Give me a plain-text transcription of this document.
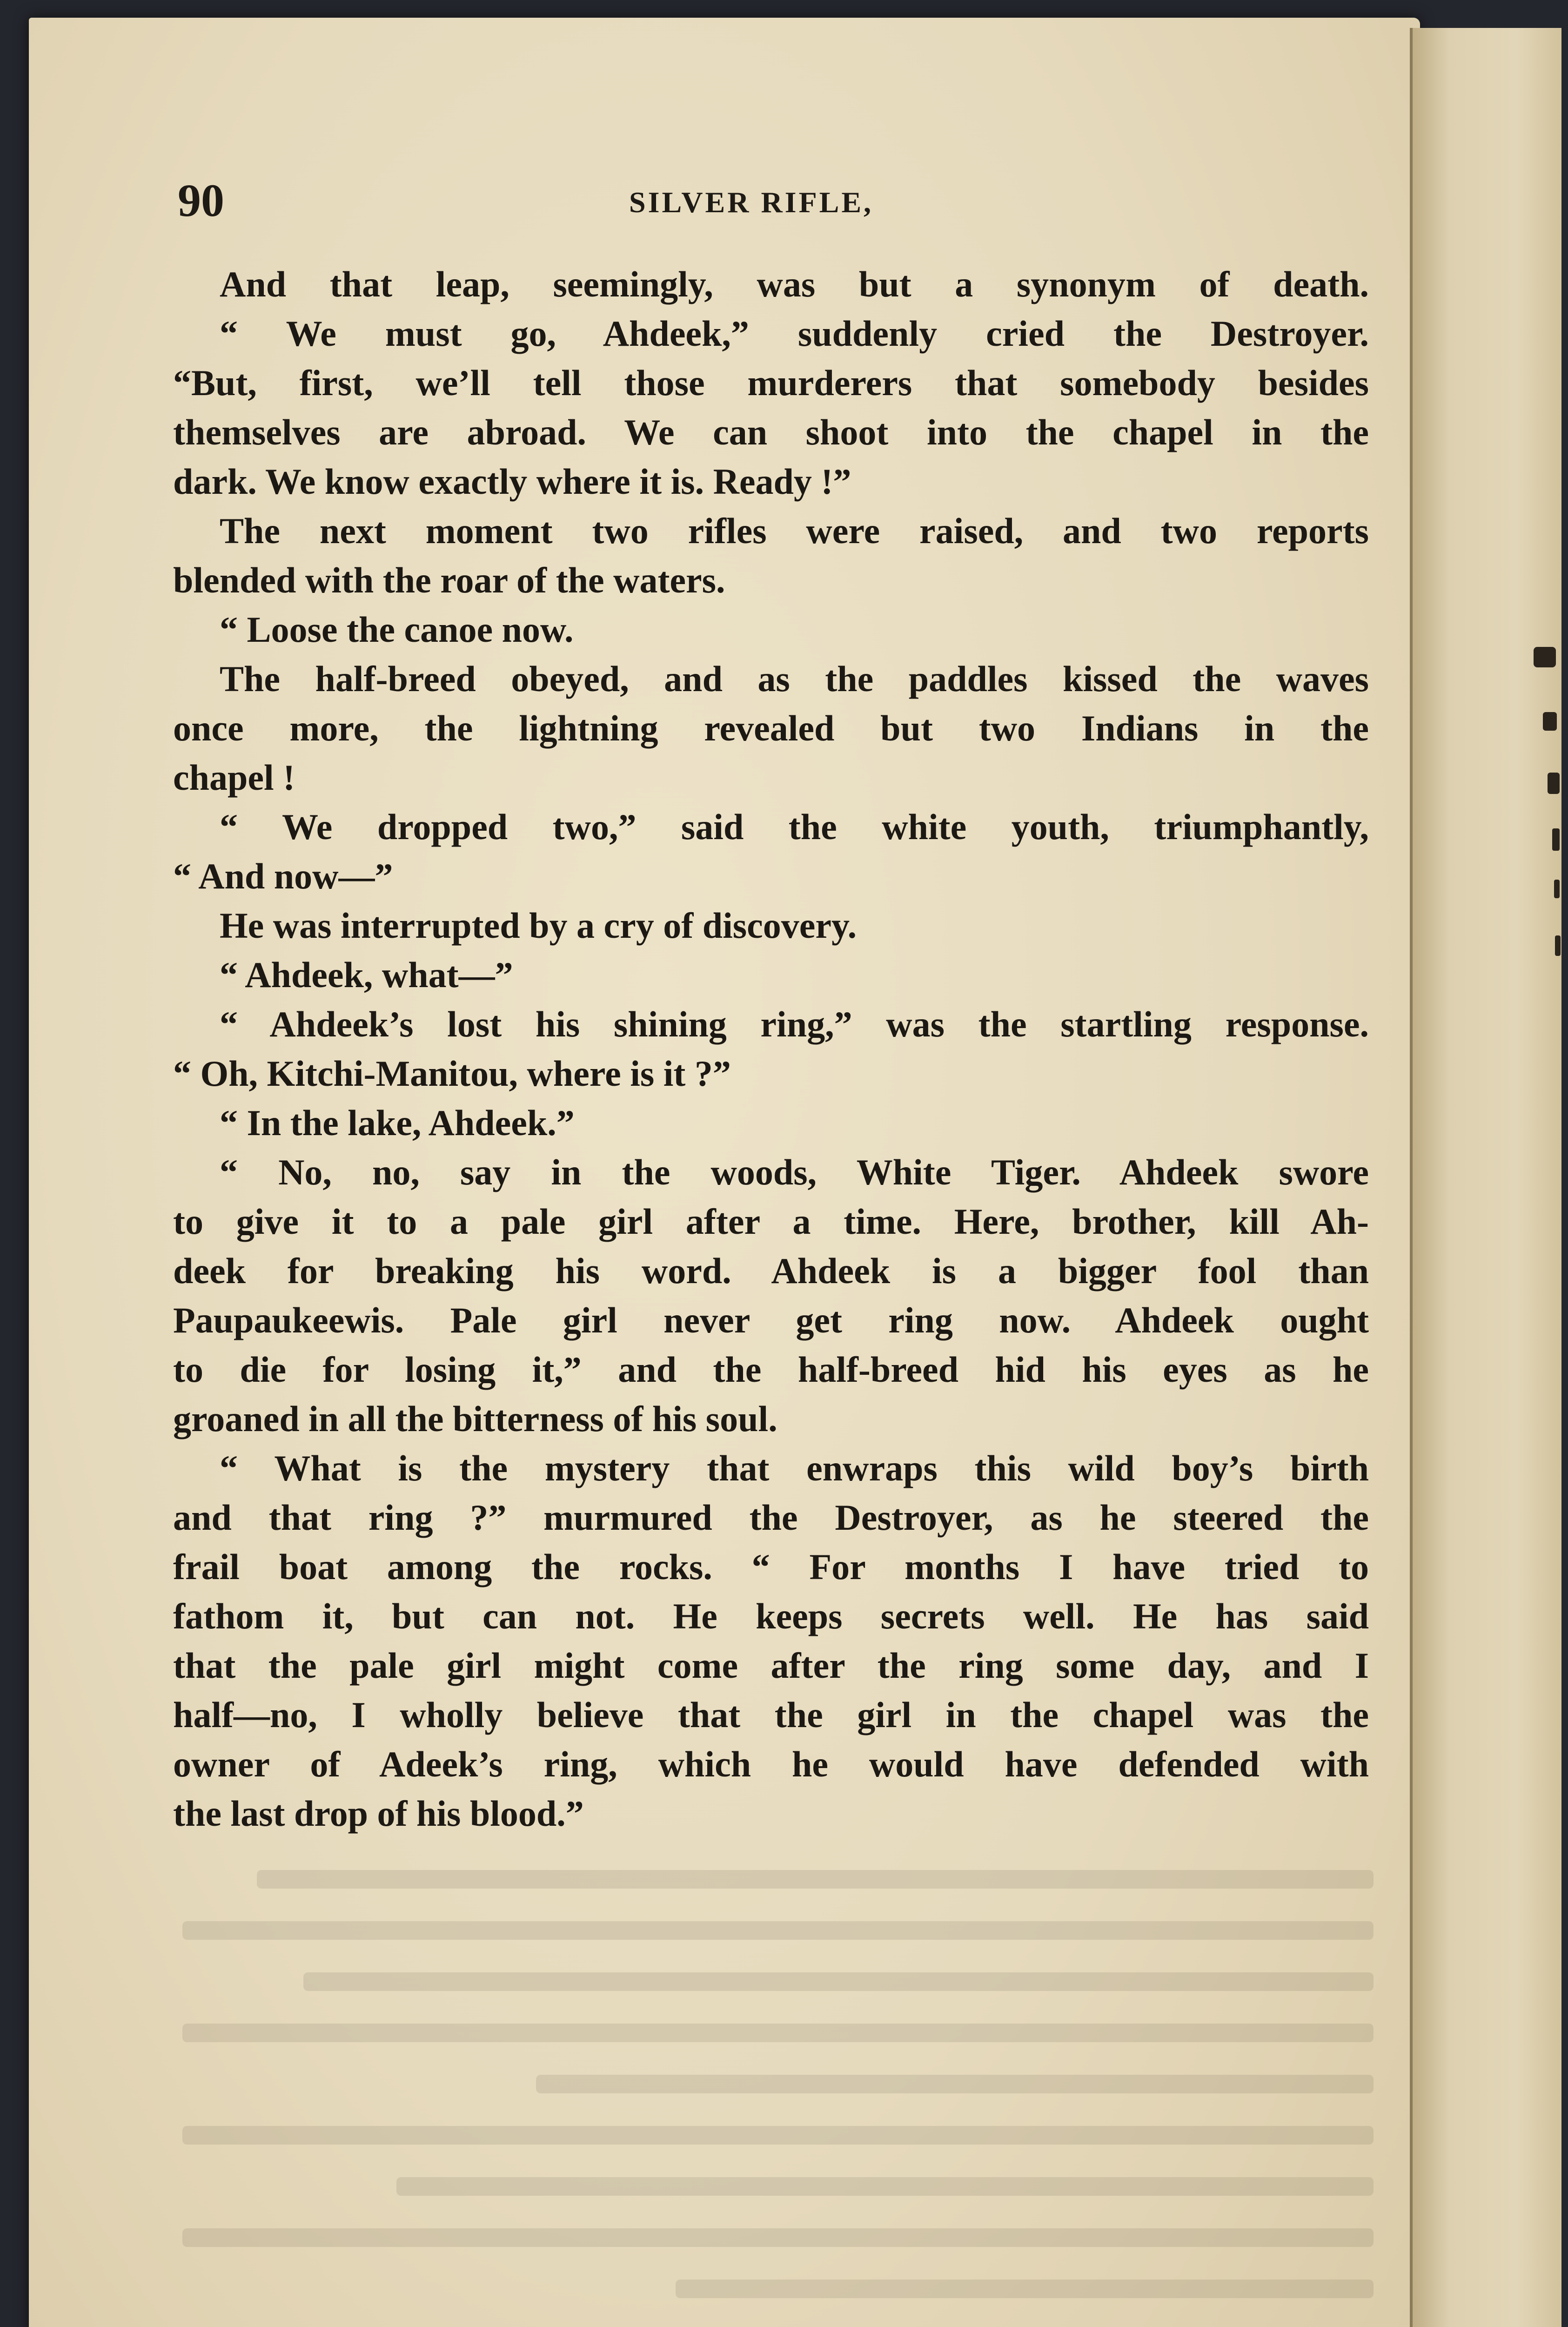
90	SILVER RIFLE,
And that leap, seemingly, was but a synonym of death.
“ We must go, Ahdeek,” suddenly cried the Destroyer.
“But, first, we’ll tell those murderers that somebody besides
themselves are abroad. We can shoot into the chapel in the
dark. We know exactly where it is. Ready !”
The next moment two rifles were raised, and two reports
blended with the roar of the waters.
“ Loose the canoe now.
The half-breed obeyed, and as the paddles kissed the waves
once more, the lightning revealed but two Indians in the
chapel !
“ We dropped two,” said the white youth, triumphantly,
“ And now—”
He was interrupted by a cry of discovery.
“ Ahdeek, what—”
“ Ahdeek’s lost his shining ring,” was the startling response.
“ Oh, Kitchi-Manitou, where is it ?”
“ In the lake, Ahdeek.”
“ No, no, say in the woods, White Tiger. Ahdeek swore
to give it to a pale girl after a time. Here, brother, kill Ah-
deek for breaking his word. Ahdeek is a bigger fool than
Paupaukeewis. Pale girl never get ring now. Ahdeek ought
to die for losing it,” and the half-breed hid his eyes as he
groaned in all the bitterness of his soul.
“ What is the mystery that enwraps this wild boy’s birth
and that ring ?” murmured the Destroyer, as he steered the
frail boat among the rocks. “ For months I have tried to
fathom it, but can not. He keeps secrets well. He has said
that the pale girl might come after the ring some day, and I
half—no, I wholly believe that the girl in the chapel was the
owner of Adeek’s ring, which he would have defended with
the last drop of his blood.”
